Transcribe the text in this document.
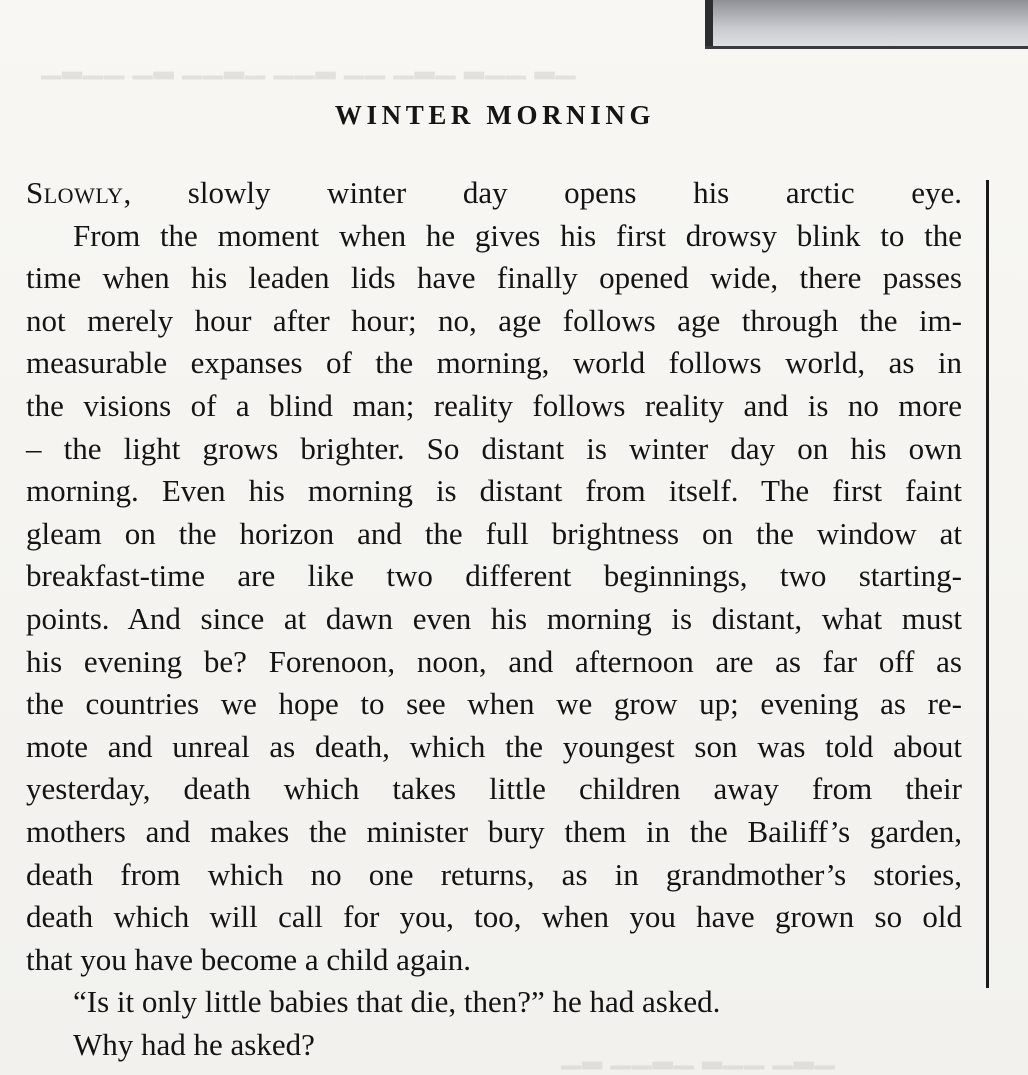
▁▂ ▁▁▂ ▁▂▁ ▁▁ ▂▁▁ ▁▂▁▁ ▂▁ ▁▁▂▁
▁▂▁ ▁▁▂ ▁▂▁▁ ▂▁
WINTER MORNING
Slowly, slowly winter day opens his arctic eye.
From the moment when he gives his first drowsy blink to the
time when his leaden lids have finally opened wide, there passes
not merely hour after hour; no, age follows age through the im-
measurable expanses of the morning, world follows world, as in
the visions of a blind man; reality follows reality and is no more
– the light grows brighter. So distant is winter day on his own
morning. Even his morning is distant from itself. The first faint
gleam on the horizon and the full brightness on the window at
breakfast-time are like two different beginnings, two starting-
points. And since at dawn even his morning is distant, what must
his evening be? Forenoon, noon, and afternoon are as far off as
the countries we hope to see when we grow up; evening as re-
mote and unreal as death, which the youngest son was told about
yesterday, death which takes little children away from their
mothers and makes the minister bury them in the Bailiff’s garden,
death from which no one returns, as in grandmother’s stories,
death which will call for you, too, when you have grown so old
that you have become a child again.
“Is it only little babies that die, then?” he had asked.
Why had he asked?
